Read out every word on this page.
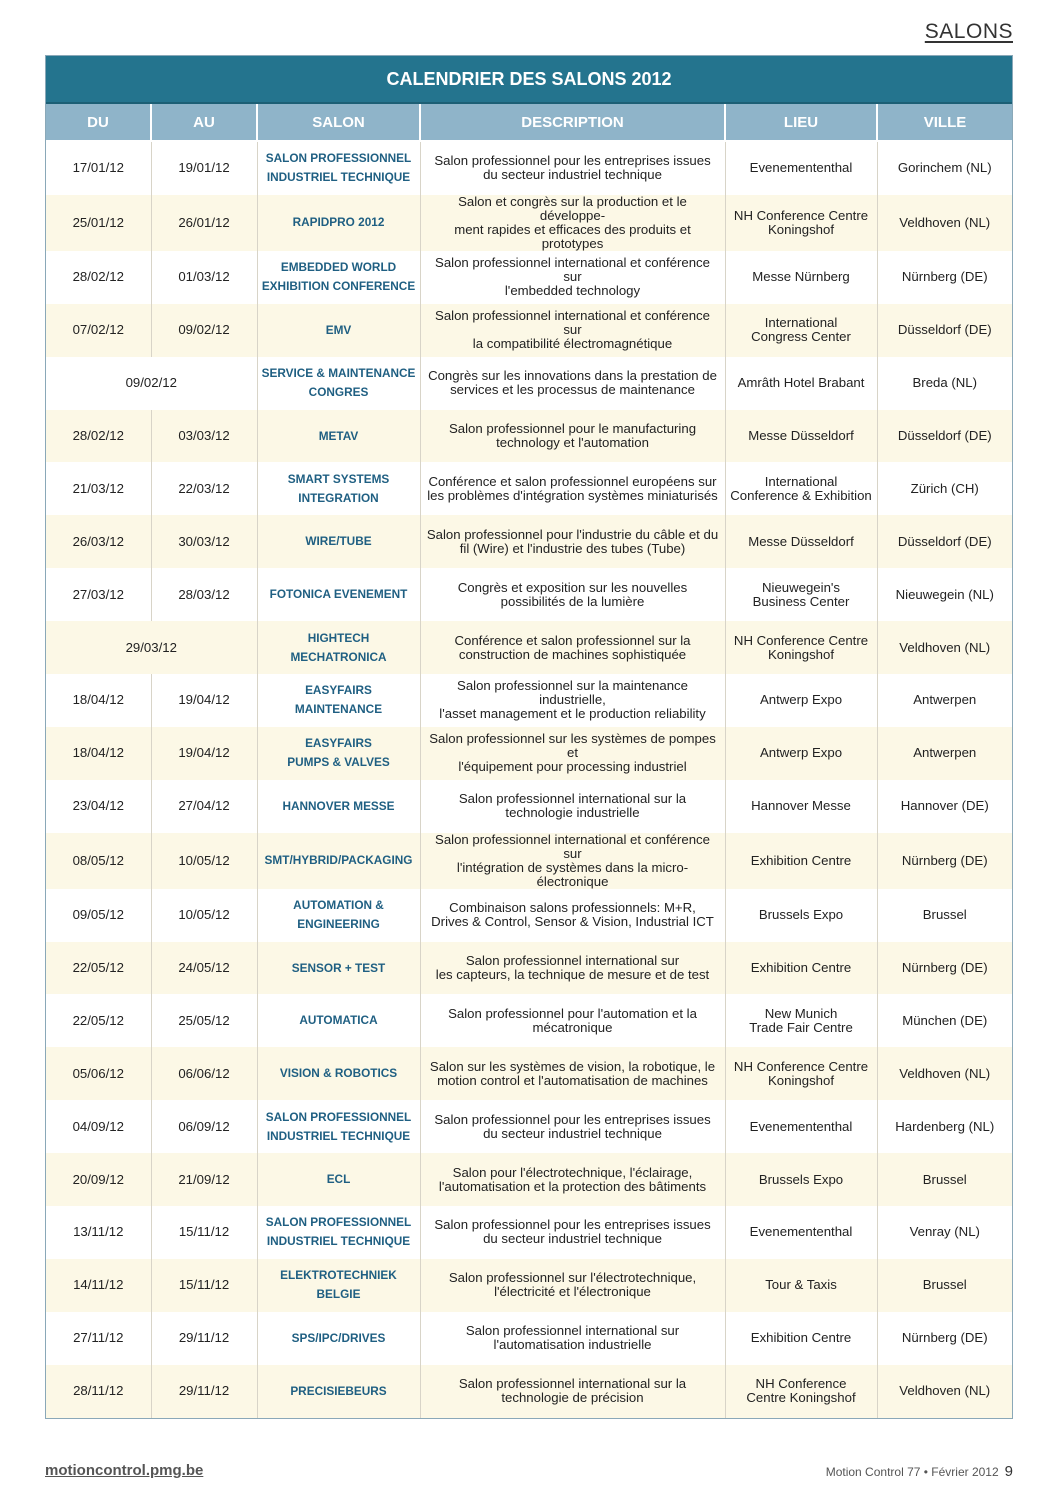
SALONS
CALENDRIER DES SALONS 2012
DU	AU	SALON	DESCRIPTION	LIEU	VILLE
17/01/12	19/01/12	SALON PROFESSIONNEL
INDUSTRIEL TECHNIQUE	Salon professionnel pour les entreprises issues
du secteur industriel technique	Evenemententhal	Gorinchem (NL)
25/01/12	26/01/12	RAPIDPRO 2012	Salon et congrès sur la production et le développe-
ment rapides et efficaces des produits et prototypes	NH Conference Centre
Koningshof	Veldhoven (NL)
28/02/12	01/03/12	EMBEDDED WORLD
EXHIBITION CONFERENCE	Salon professionnel international et conférence sur
l'embedded technology	Messe Nürnberg	Nürnberg (DE)
07/02/12	09/02/12	EMV	Salon professionnel international et conférence sur
la compatibilité électromagnétique	International
Congress Center	Düsseldorf (DE)
09/02/12		SERVICE & MAINTENANCE
CONGRES	Congrès sur les innovations dans la prestation de
services et les processus de maintenance	Amrâth Hotel Brabant	Breda (NL)
28/02/12	03/03/12	METAV	Salon professionnel pour le manufacturing
technology et l'automation	Messe Düsseldorf	Düsseldorf (DE)
21/03/12	22/03/12	SMART SYSTEMS
INTEGRATION	Conférence et salon professionnel européens sur
les problèmes d'intégration systèmes miniaturisés	International
Conference & Exhibition	Zürich (CH)
26/03/12	30/03/12	WIRE/TUBE	Salon professionnel pour l'industrie du câble et du
fil (Wire) et l'industrie des tubes (Tube)	Messe Düsseldorf	Düsseldorf (DE)
27/03/12	28/03/12	FOTONICA EVENEMENT	Congrès et exposition sur les nouvelles
possibilités de la lumière	Nieuwegein's
Business Center	Nieuwegein (NL)
29/03/12		HIGHTECH
MECHATRONICA	Conférence et salon professionnel sur la
construction de machines sophistiquée	NH Conference Centre
Koningshof	Veldhoven (NL)
18/04/12	19/04/12	EASYFAIRS
MAINTENANCE	Salon professionnel sur la maintenance industrielle,
l'asset management et le production reliability	Antwerp Expo	Antwerpen
18/04/12	19/04/12	EASYFAIRS
PUMPS & VALVES	Salon professionnel sur les systèmes de pompes et
l'équipement pour processing industriel	Antwerp Expo	Antwerpen
23/04/12	27/04/12	HANNOVER MESSE	Salon professionnel international sur la
technologie industrielle	Hannover Messe	Hannover (DE)
08/05/12	10/05/12	SMT/HYBRID/PACKAGING	Salon professionnel international et conférence sur
l'intégration de systèmes dans la micro-électronique	Exhibition Centre	Nürnberg (DE)
09/05/12	10/05/12	AUTOMATION &
ENGINEERING	Combinaison salons professionnels: M+R,
Drives & Control, Sensor & Vision, Industrial ICT	Brussels Expo	Brussel
22/05/12	24/05/12	SENSOR + TEST	Salon professionnel international sur
les capteurs, la technique de mesure et de test	Exhibition Centre	Nürnberg (DE)
22/05/12	25/05/12	AUTOMATICA	Salon professionnel pour l'automation et la
mécatronique	New Munich
Trade Fair Centre	München (DE)
05/06/12	06/06/12	VISION & ROBOTICS	Salon sur les systèmes de vision, la robotique, le
motion control et l'automatisation de machines	NH Conference Centre
Koningshof	Veldhoven (NL)
04/09/12	06/09/12	SALON PROFESSIONNEL
INDUSTRIEL TECHNIQUE	Salon professionnel pour les entreprises issues
du secteur industriel technique	Evenemententhal	Hardenberg (NL)
20/09/12	21/09/12	ECL	Salon pour l'électrotechnique, l'éclairage,
l'automatisation et la protection des bâtiments	Brussels Expo	Brussel
13/11/12	15/11/12	SALON PROFESSIONNEL
INDUSTRIEL TECHNIQUE	Salon professionnel pour les entreprises issues
du secteur industriel technique	Evenemententhal	Venray (NL)
14/11/12	15/11/12	ELEKTROTECHNIEK
BELGIE	Salon professionnel sur l'électrotechnique,
l'électricité et l'électronique	Tour & Taxis	Brussel
27/11/12	29/11/12	SPS/IPC/DRIVES	Salon professionnel international sur
l'automatisation industrielle	Exhibition Centre	Nürnberg (DE)
28/11/12	29/11/12	PRECISIEBEURS	Salon professionnel international sur la
technologie de précision	NH Conference
Centre Koningshof	Veldhoven (NL)
motioncontrol.pmg.be	Motion Control 77 • Février 2012 9
